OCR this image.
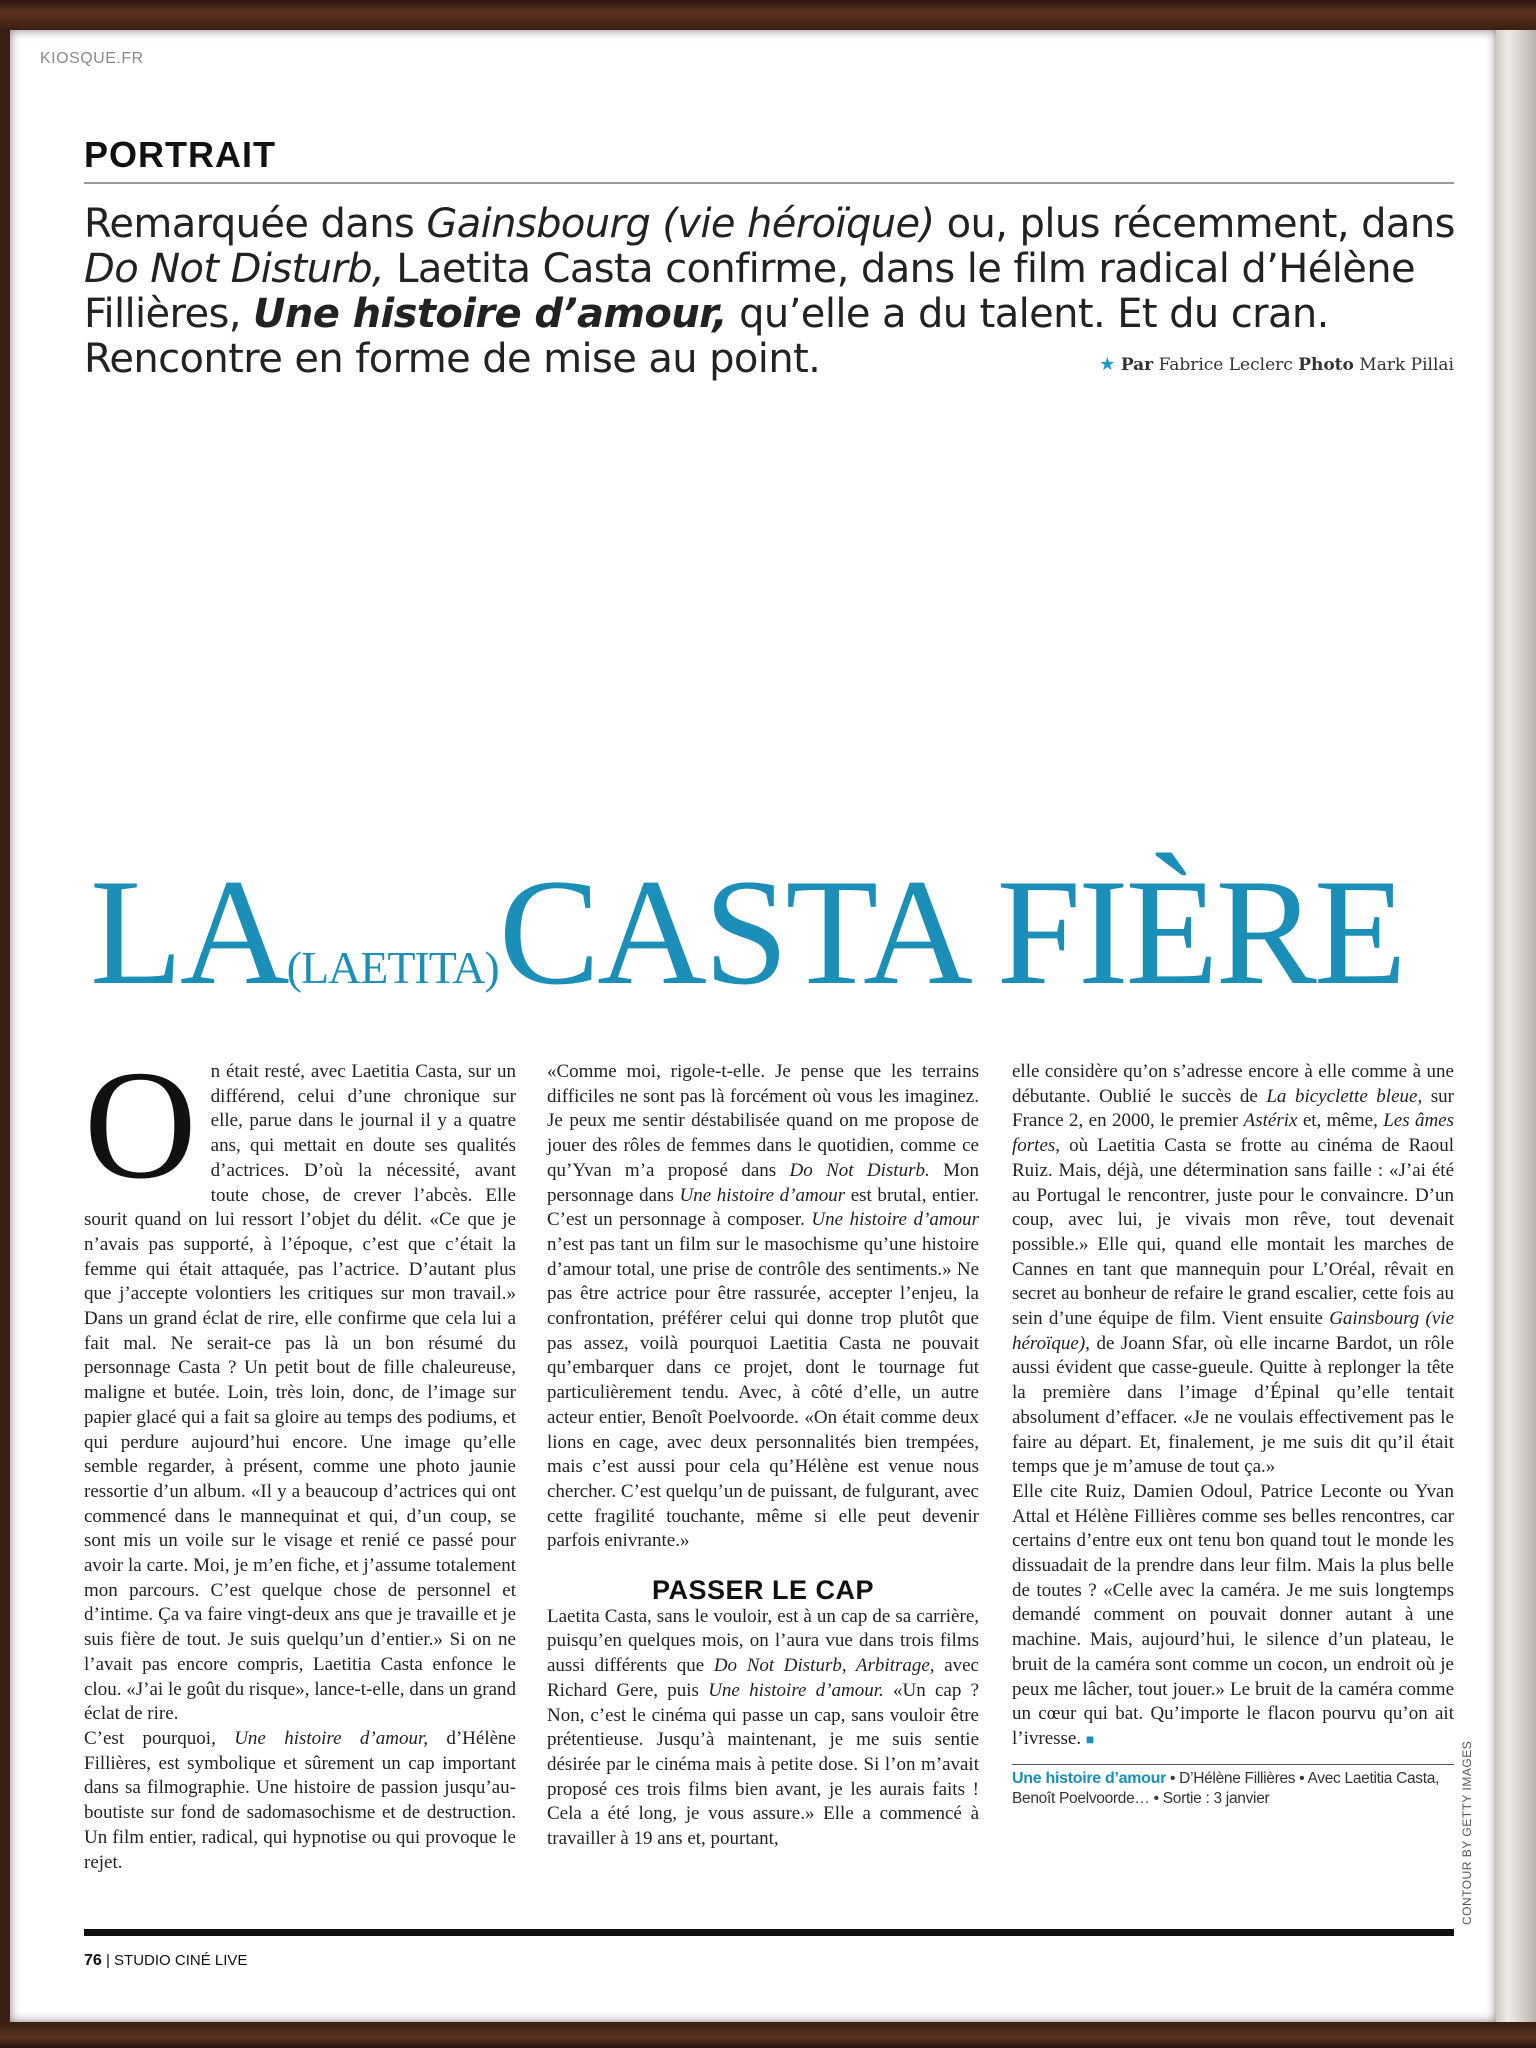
KIOSQUE.FR
PORTRAIT

Remarquée dans Gainsbourg (vie héroïque) ou, plus récemment, dans Do Not Disturb, Laetita Casta confirme, dans le film radical d’Hélène Fillières, Une histoire d’amour, qu’elle a du talent. Et du cran. Rencontre en forme de mise au point.	★ Par Fabrice Leclerc Photo Mark Pillai
LA(LAETITA)CASTA FIÈRE
O n était resté, avec Laetitia Casta, sur un différend, celui d’une chronique sur elle, parue dans le journal il y a quatre ans, qui mettait en doute ses qualités d’actrices. D’où la nécessité, avant toute chose, de crever l’abcès. Elle sourit quand on lui ressort l’objet du délit. «Ce que je n’avais pas supporté, à l’époque, c’est que c’était la femme qui était attaquée, pas l’actrice. D’autant plus que j’accepte volontiers les critiques sur mon travail.» Dans un grand éclat de rire, elle confirme que cela lui a fait mal. Ne serait-ce pas là un bon résumé du personnage Casta ? Un petit bout de fille chaleureuse, maligne et butée. Loin, très loin, donc, de l’image sur papier glacé qui a fait sa gloire au temps des podiums, et qui perdure aujourd’hui encore. Une image qu’elle semble regarder, à présent, comme une photo jaunie ressortie d’un album. «Il y a beaucoup d’actrices qui ont commencé dans le mannequinat et qui, d’un coup, se sont mis un voile sur le visage et renié ce passé pour avoir la carte. Moi, je m’en fiche, et j’assume totalement mon parcours. C’est quelque chose de personnel et d’intime. Ça va faire vingt-deux ans que je travaille et je suis fière de tout. Je suis quelqu’un d’entier.» Si on ne l’avait pas encore compris, Laetitia Casta enfonce le clou. «J’ai le goût du risque», lance-t-elle, dans un grand éclat de rire.

C’est pourquoi, Une histoire d’amour, d’Hélène Fillières, est symbolique et sûrement un cap important dans sa filmographie. Une histoire de passion jusqu’au-boutiste sur fond de sadomasochisme et de destruction. Un film entier, radical, qui hypnotise ou qui provoque le rejet.

«Comme moi, rigole-t-elle. Je pense que les terrains difficiles ne sont pas là forcément où vous les imaginez. Je peux me sentir déstabilisée quand on me propose de jouer des rôles de femmes dans le quotidien, comme ce qu’Yvan m’a proposé dans Do Not Disturb. Mon personnage dans Une histoire d’amour est brutal, entier. C’est un personnage à composer. Une histoire d’amour n’est pas tant un film sur le masochisme qu’une histoire d’amour total, une prise de contrôle des sentiments.» Ne pas être actrice pour être rassurée, accepter l’enjeu, la confrontation, préférer celui qui donne trop plutôt que pas assez, voilà pourquoi Laetitia Casta ne pouvait qu’embarquer dans ce projet, dont le tournage fut particulièrement tendu. Avec, à côté d’elle, un autre acteur entier, Benoît Poelvoorde. «On était comme deux lions en cage, avec deux personnalités bien trempées, mais c’est aussi pour cela qu’Hélène est venue nous chercher. C’est quelqu’un de puissant, de fulgurant, avec cette fragilité touchante, même si elle peut devenir parfois enivrante.»

PASSER LE CAP

Laetita Casta, sans le vouloir, est à un cap de sa carrière, puisqu’en quelques mois, on l’aura vue dans trois films aussi différents que Do Not Disturb, Arbitrage, avec Richard Gere, puis Une histoire d’amour. «Un cap ? Non, c’est le cinéma qui passe un cap, sans vouloir être prétentieuse. Jusqu’à maintenant, je me suis sentie désirée par le cinéma mais à petite dose. Si l’on m’avait proposé ces trois films bien avant, je les aurais faits ! Cela a été long, je vous assure.» Elle a commencé à travailler à 19 ans et, pourtant,

elle considère qu’on s’adresse encore à elle comme à une débutante. Oublié le succès de La bicyclette bleue, sur France 2, en 2000, le premier Astérix et, même, Les âmes fortes, où Laetitia Casta se frotte au cinéma de Raoul Ruiz. Mais, déjà, une détermination sans faille : «J’ai été au Portugal le rencontrer, juste pour le convaincre. D’un coup, avec lui, je vivais mon rêve, tout devenait possible.» Elle qui, quand elle montait les marches de Cannes en tant que mannequin pour L’Oréal, rêvait en secret au bonheur de refaire le grand escalier, cette fois au sein d’une équipe de film. Vient ensuite Gainsbourg (vie héroïque), de Joann Sfar, où elle incarne Bardot, un rôle aussi évident que casse-gueule. Quitte à replonger la tête la première dans l’image d’Épinal qu’elle tentait absolument d’effacer. «Je ne voulais effectivement pas le faire au départ. Et, finalement, je me suis dit qu’il était temps que je m’amuse de tout ça.»

Elle cite Ruiz, Damien Odoul, Patrice Leconte ou Yvan Attal et Hélène Fillières comme ses belles rencontres, car certains d’entre eux ont tenu bon quand tout le monde les dissuadait de la prendre dans leur film. Mais la plus belle de toutes ? «Celle avec la caméra. Je me suis longtemps demandé comment on pouvait donner autant à une machine. Mais, aujourd’hui, le silence d’un plateau, le bruit de la caméra sont comme un cocon, un endroit où je peux me lâcher, tout jouer.» Le bruit de la caméra comme un cœur qui bat. Qu’importe le flacon pourvu qu’on ait l’ivresse. ■

Une histoire d’amour • D’Hélène Fillières • Avec Laetitia Casta, Benoît Poelvoorde… • Sortie : 3 janvier
76 | STUDIO CINÉ LIVE
CONTOUR BY GETTY IMAGES
